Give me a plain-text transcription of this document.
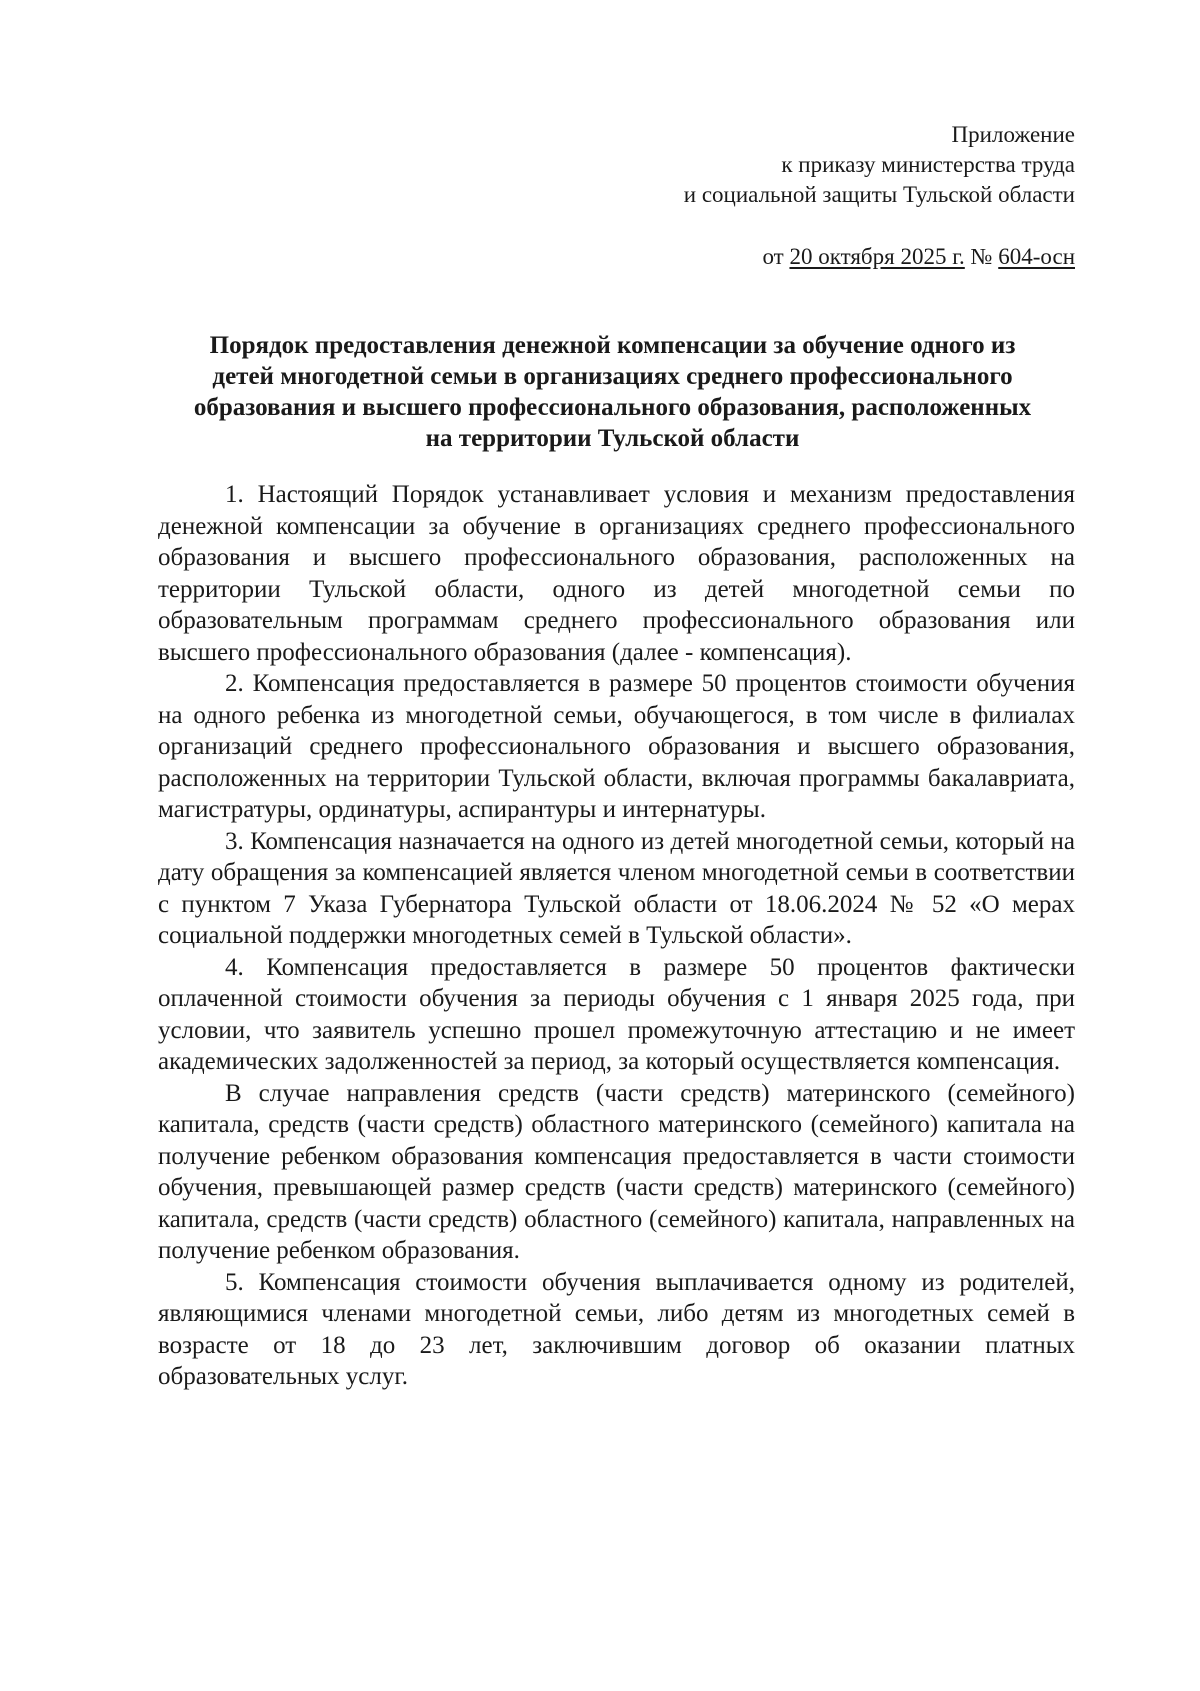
Приложение
к приказу министерства труда
и социальной защиты Тульской области
от 20 октября 2025 г. № 604-осн
Порядок предоставления денежной компенсации за обучение одного из
детей многодетной семьи в организациях среднего профессионального
образования и высшего профессионального образования, расположенных
на территории Тульской области

1. Настоящий Порядок устанавливает условия и механизм предоставления денежной компенсации за обучение в организациях среднего профессионального образования и высшего профессионального образования, расположенных на территории Тульской области, одного из детей многодетной семьи по образовательным программам среднего профессионального образования или высшего профессионального образования (далее - компенсация).

2. Компенсация предоставляется в размере 50 процентов стоимости обучения на одного ребенка из многодетной семьи, обучающегося, в том числе в филиалах организаций среднего профессионального образования и высшего образования, расположенных на территории Тульской области, включая программы бакалавриата, магистратуры, ординатуры, аспирантуры и интернатуры.

3. Компенсация назначается на одного из детей многодетной семьи, который на дату обращения за компенсацией является членом многодетной семьи в соответствии с пунктом 7 Указа Губернатора Тульской области от 18.06.2024 № 52 «О мерах социальной поддержки многодетных семей в Тульской области».

4. Компенсация предоставляется в размере 50 процентов фактически оплаченной стоимости обучения за периоды обучения с 1 января 2025 года, при условии, что заявитель успешно прошел промежуточную аттестацию и не имеет академических задолженностей за период, за который осуществляется компенсация.

В случае направления средств (части средств) материнского (семейного) капитала, средств (части средств) областного материнского (семейного) капитала на получение ребенком образования компенсация предоставляется в части стоимости обучения, превышающей размер средств (части средств) материнского (семейного) капитала, средств (части средств) областного (семейного) капитала, направленных на получение ребенком образования.

5. Компенсация стоимости обучения выплачивается одному из родителей, являющимися членами многодетной семьи, либо детям из многодетных семей в возрасте от 18 до 23 лет, заключившим договор об оказании платных образовательных услуг.
